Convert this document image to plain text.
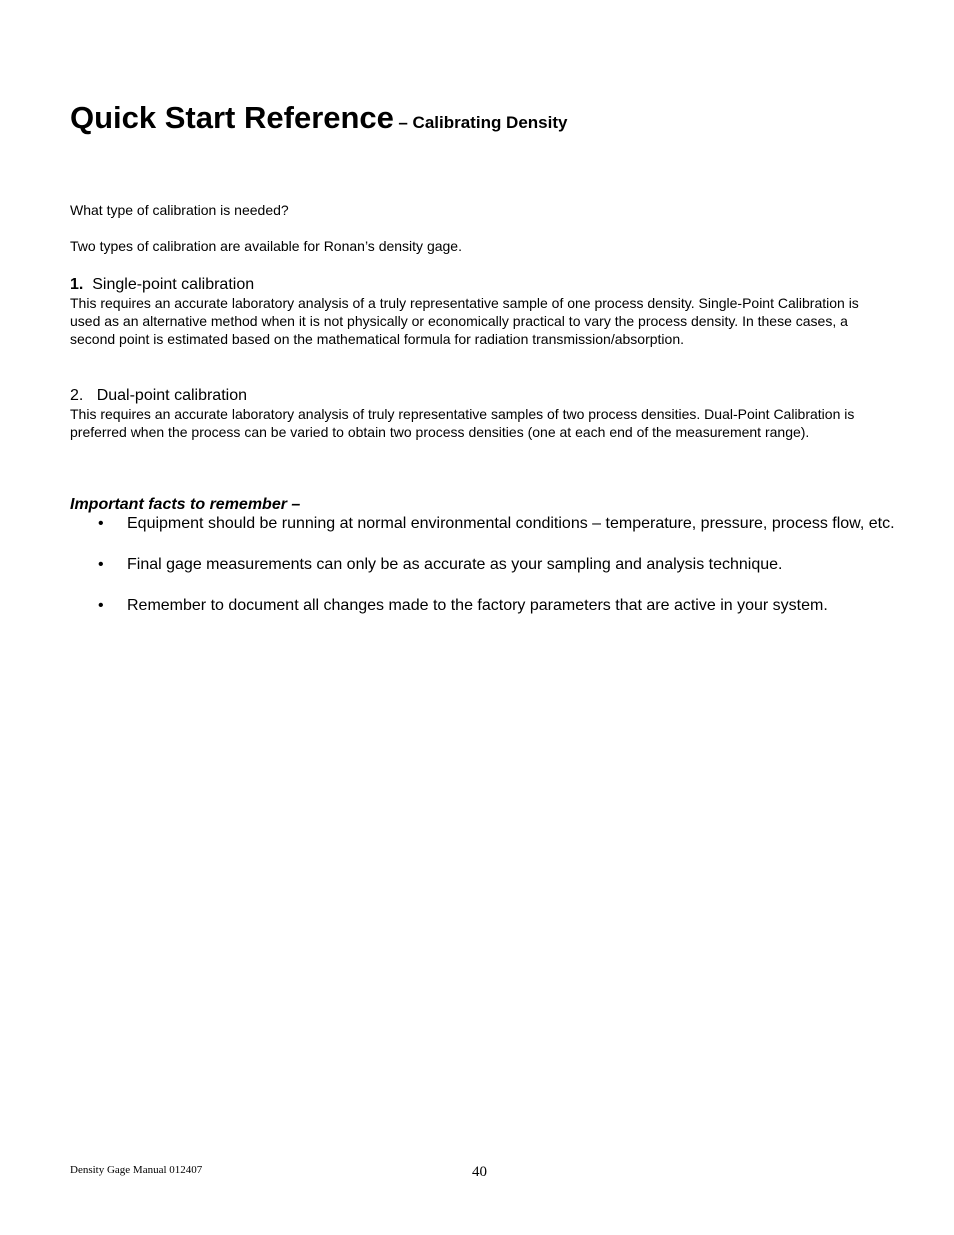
Quick Start Reference – Calibrating Density
What type of calibration is needed?
Two types of calibration are available for Ronan’s density gage.
1. Single-point calibration

This requires an accurate laboratory analysis of a truly representative sample of one process density. Single-Point Calibration is used as an alternative method when it is not physically or economically practical to vary the process density. In these cases, a second point is estimated based on the mathematical formula for radiation transmission/absorption.

2. Dual-point calibration

This requires an accurate laboratory analysis of truly representative samples of two process densities. Dual-Point Calibration is preferred when the process can be varied to obtain two process densities (one at each end of the measurement range).

Important facts to remember –
• Equipment should be running at normal environmental conditions – temperature, pressure, process flow, etc.
• Final gage measurements can only be as accurate as your sampling and analysis technique.
• Remember to document all changes made to the factory parameters that are active in your system.
Density Gage Manual 012407	40
